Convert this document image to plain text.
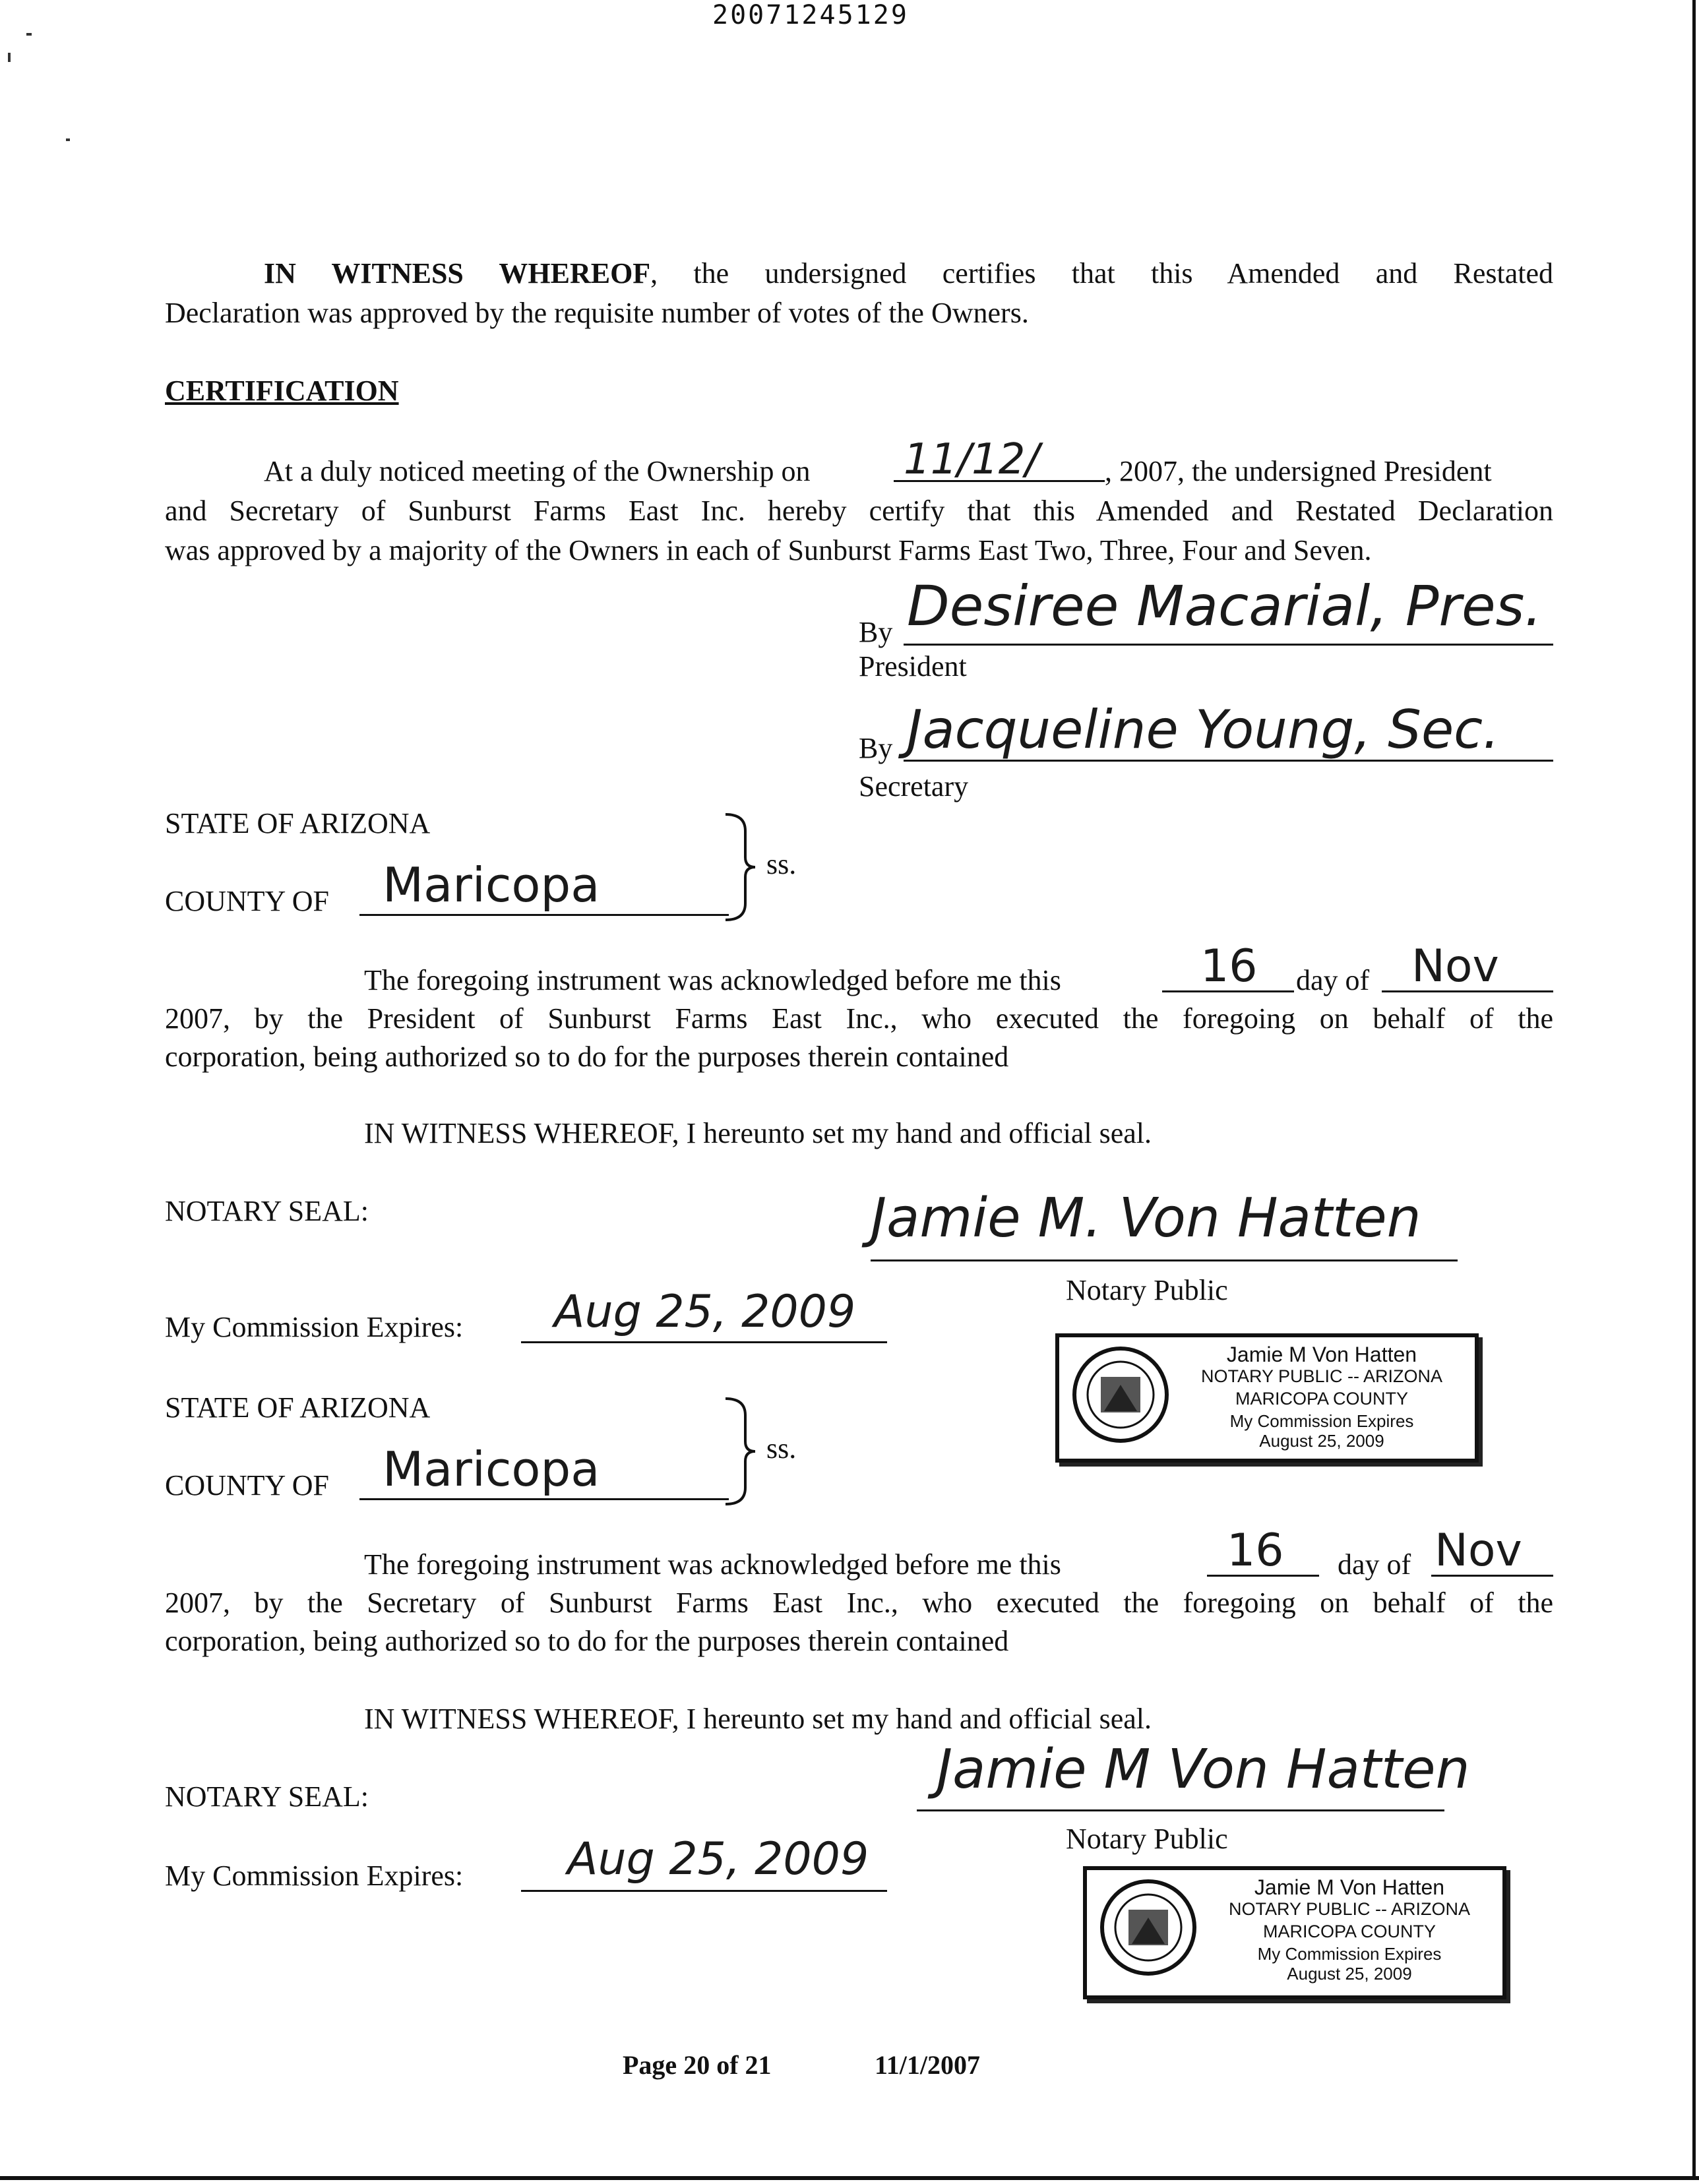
20071245129
IN WITNESS WHEREOF, the undersigned certifies that this Amended and Restated
Declaration was approved by the requisite number of votes of the Owners.
CERTIFICATION
At a duly noticed meeting of the Ownership on 11/12/ , 2007, the undersigned President
and Secretary of Sunburst Farms East Inc. hereby certify that this Amended and Restated Declaration
was approved by a majority of the Owners in each of Sunburst Farms East Two, Three, Four and Seven.
By Desiree Macarial, Pres.
President
By Jacqueline Young, Sec.
Secretary
STATE OF ARIZONA
COUNTY OF Maricopa	ss.
The foregoing instrument was acknowledged before me this	16 day of Nov
2007, by the President of Sunburst Farms East Inc., who executed the foregoing on behalf of the
corporation, being authorized so to do for the purposes therein contained
IN WITNESS WHEREOF, I hereunto set my hand and official seal.
NOTARY SEAL:	Jamie M. Von Hatten
Notary Public
My Commission Expires: Aug 25, 2009
Jamie M Von Hatten
NOTARY PUBLIC -- ARIZONA
MARICOPA COUNTY
My Commission Expires
August 25, 2009
STATE OF ARIZONA
COUNTY OF Maricopa	ss.
The foregoing instrument was acknowledged before me this	16 day of Nov
2007, by the Secretary of Sunburst Farms East Inc., who executed the foregoing on behalf of the
corporation, being authorized so to do for the purposes therein contained
IN WITNESS WHEREOF, I hereunto set my hand and official seal.
NOTARY SEAL:	Jamie M Von Hatten
Notary Public
My Commission Expires: Aug 25, 2009
Jamie M Von Hatten
NOTARY PUBLIC -- ARIZONA
MARICOPA COUNTY
My Commission Expires
August 25, 2009
Page 20 of 21	11/1/2007
